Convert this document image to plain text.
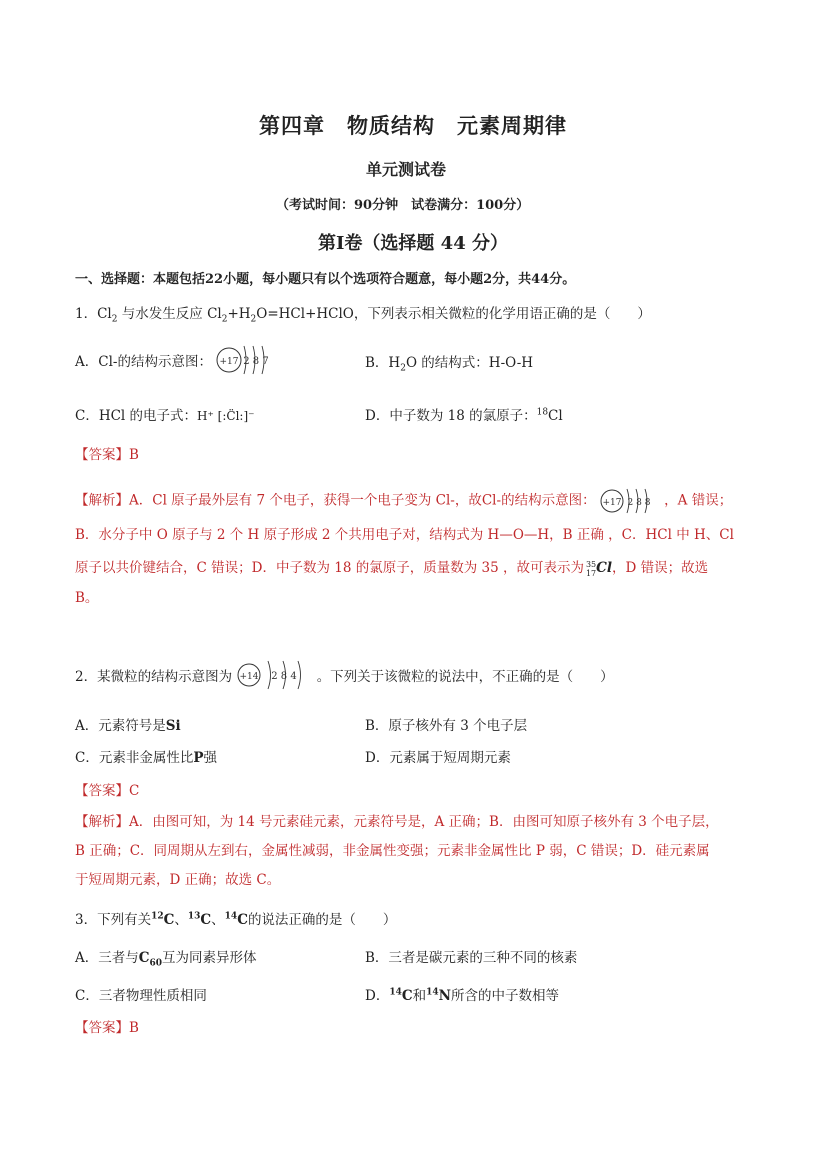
第四章　物质结构　元素周期律
单元测试卷
（考试时间：90分钟　试卷满分：100分）
第I卷（选择题 44 分）
一、选择题：本题包括22小题，每小题只有以个选项符合题意，每小题2分，共44分。
1．$Cl_2$ 与水发生反应 $Cl_2+H_2O=HCl+HClO$，下列表示相关微粒的化学用语正确的是（　　）
A．Cl-的结构示意图： +17 2 8 7	B．$H_2O$ 的结构式：H-O-H
C．HCl 的电子式：H⁺ [:C̈l:]⁻	D．中子数为 18 的氯原子：$^{18}$Cl
【答案】B
【解析】A．Cl 原子最外层有 7 个电子，获得一个电子变为 Cl-，故Cl-的结构示意图： +17 2 8 8 ，A 错误；
B．水分子中 O 原子与 2 个 H 原子形成 2 个共用电子对，结构式为 H—O—H，B 正确 ，C．HCl 中 H、Cl
原子以共价键结合，C 错误；D．中子数为 18 的氯原子，质量数为 35 ，故可表示为 35
17 Cl，D 错误；故选
B。
2．某微粒的结构示意图为 +14 2 8 4 。下列关于该微粒的说法中，不正确的是（　　）
A．元素符号是Si	B．原子核外有 3 个电子层
C．元素非金属性比P强	D．元素属于短周期元素
【答案】C
【解析】A．由图可知，为 14 号元素硅元素，元素符号是，A 正确；B．由图可知原子核外有 3 个电子层，
B 正确；C．同周期从左到右，金属性减弱，非金属性变强；元素非金属性比 P 弱，C 错误；D．硅元素属
于短周期元素，D 正确；故选 C。
3．下列有关$^{12}$C、$^{13}$C、$^{14}$C的说法正确的是（　　）
A．三者与$C_{60}$互为同素异形体	B．三者是碳元素的三种不同的核素
C．三者物理性质相同	D．$^{14}$C和$^{14}$N所含的中子数相等
【答案】B
